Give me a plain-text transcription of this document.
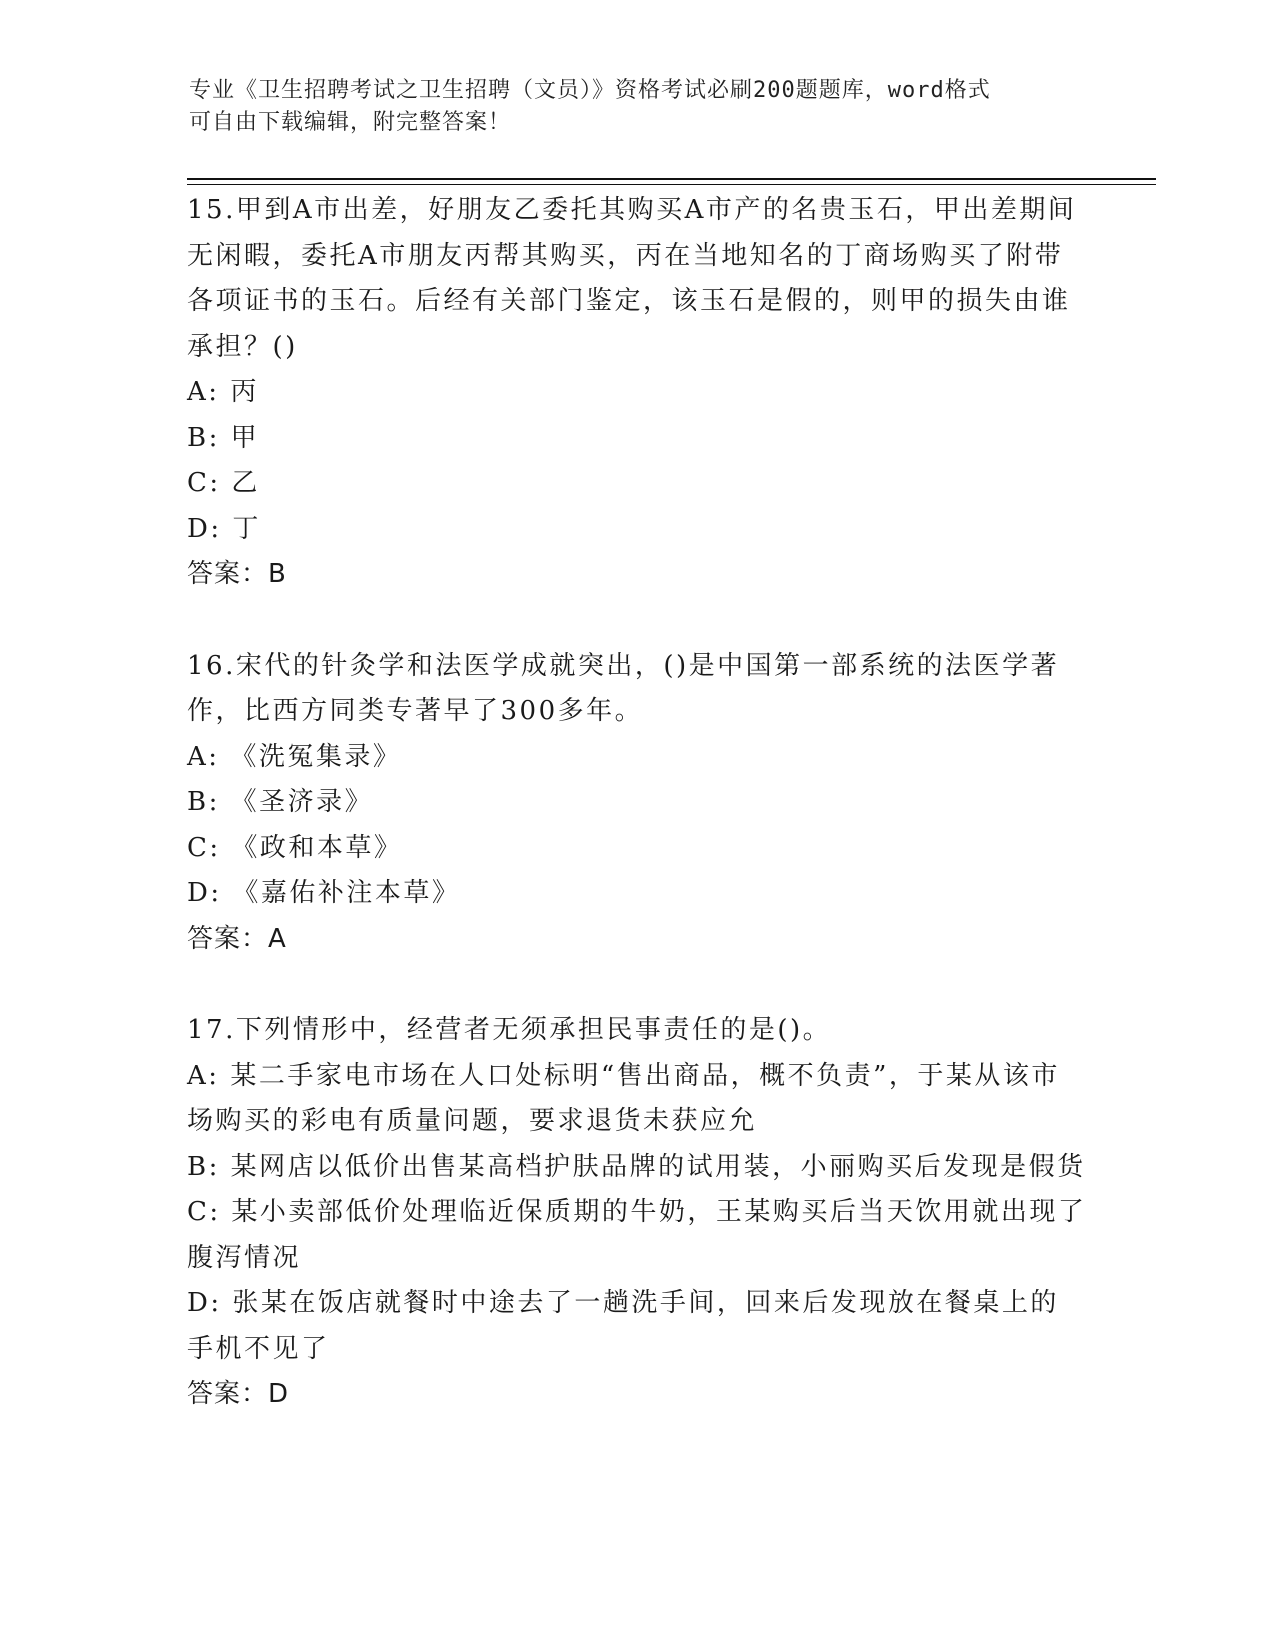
专业《卫生招聘考试之卫生招聘（文员）》资格考试必刷200题题库，word格式
可自由下载编辑，附完整答案！

15.甲到A市出差，好朋友乙委托其购买A市产的名贵玉石，甲出差期间无闲暇，委托A市朋友丙帮其购买，丙在当地知名的丁商场购买了附带各项证书的玉石。后经有关部门鉴定，该玉石是假的，则甲的损失由谁承担？()

A: 丙

B: 甲

C: 乙

D: 丁

答案：B

16.宋代的针灸学和法医学成就突出，()是中国第一部系统的法医学著作，比西方同类专著早了300多年。

A: 《洗冤集录》

B: 《圣济录》

C: 《政和本草》

D: 《嘉佑补注本草》

答案：A

17.下列情形中，经营者无须承担民事责任的是()。

A: 某二手家电市场在人口处标明“售出商品，概不负责”，于某从该市场购买的彩电有质量问题，要求退货未获应允

B: 某网店以低价出售某高档护肤品牌的试用装，小丽购买后发现是假货

C: 某小卖部低价处理临近保质期的牛奶，王某购买后当天饮用就出现了腹泻情况

D: 张某在饭店就餐时中途去了一趟洗手间，回来后发现放在餐桌上的手机不见了

答案：D
